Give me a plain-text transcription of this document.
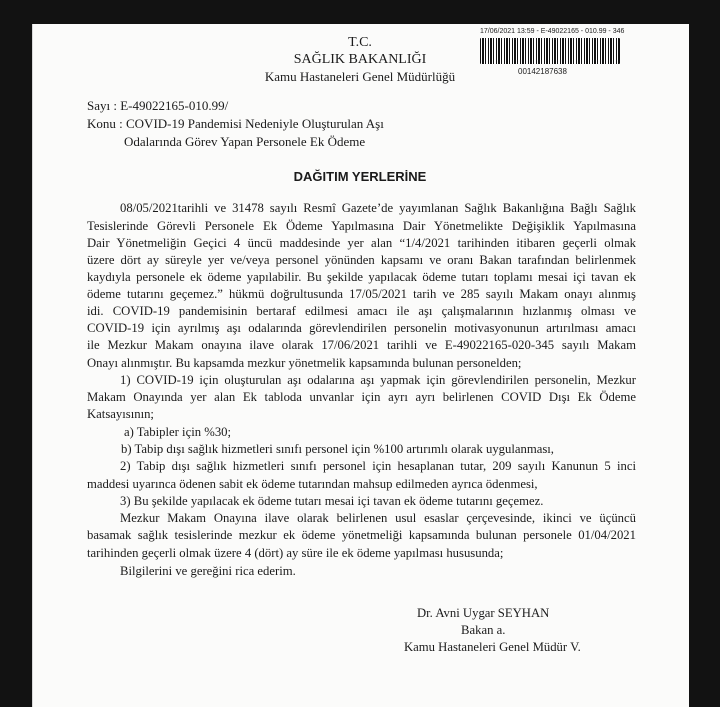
17/06/2021 13:59 - E-49022165 - 010.99 - 346
00142187638
T.C.
SAĞLIK BAKANLIĞI
Kamu Hastaneleri Genel Müdürlüğü
Sayı : E-49022165-010.99/
Konu : COVID-19 Pandemisi Nedeniyle Oluşturulan Aşı
Odalarında Görev Yapan Personele Ek Ödeme
DAĞITIM YERLERİNE
08/05/2021tarihli ve 31478 sayılı Resmî Gazete’de yayımlanan Sağlık Bakanlığına Bağlı Sağlık
Tesislerinde Görevli Personele Ek Ödeme Yapılmasına Dair Yönetmelikte Değişiklik Yapılmasına
Dair Yönetmeliğin Geçici 4 üncü maddesinde yer alan “1/4/2021 tarihinden itibaren geçerli olmak
üzere dört ay süreyle yer ve/veya personel yönünden kapsamı ve oranı Bakan tarafından belirlenmek
kaydıyla personele ek ödeme yapılabilir. Bu şekilde yapılacak ödeme tutarı toplamı mesai içi tavan ek
ödeme tutarını geçemez.” hükmü doğrultusunda 17/05/2021 tarih ve 285 sayılı Makam onayı alınmış
idi. COVID-19 pandemisinin bertaraf edilmesi amacı ile aşı çalışmalarının hızlanmış olması ve
COVID-19 için ayrılmış aşı odalarında görevlendirilen personelin motivasyonunun artırılması amacı
ile Mezkur Makam onayına ilave olarak 17/06/2021 tarihli ve E-49022165-020-345 sayılı Makam
Onayı alınmıştır. Bu kapsamda mezkur yönetmelik kapsamında bulunan personelden;
1) COVID-19 için oluşturulan aşı odalarına aşı yapmak için görevlendirilen personelin, Mezkur
Makam Onayında yer alan Ek tabloda unvanlar için ayrı ayrı belirlenen COVID Dışı Ek Ödeme
Katsayısının;
a) Tabipler için %30;
b) Tabip dışı sağlık hizmetleri sınıfı personel için %100 artırımlı olarak uygulanması,
2) Tabip dışı sağlık hizmetleri sınıfı personel için hesaplanan tutar, 209 sayılı Kanunun 5 inci
maddesi uyarınca ödenen sabit ek ödeme tutarından mahsup edilmeden ayrıca ödenmesi,
3) Bu şekilde yapılacak ek ödeme tutarı mesai içi tavan ek ödeme tutarını geçemez.
Mezkur Makam Onayına ilave olarak belirlenen usul esaslar çerçevesinde, ikinci ve üçüncü
basamak sağlık tesislerinde mezkur ek ödeme yönetmeliği kapsamında bulunan personele 01/04/2021
tarihinden geçerli olmak üzere 4 (dört) ay süre ile ek ödeme yapılması hususunda;
Bilgilerini ve gereğini rica ederim.
Dr. Avni Uygar SEYHAN
Bakan a.
Kamu Hastaneleri Genel Müdür V.
